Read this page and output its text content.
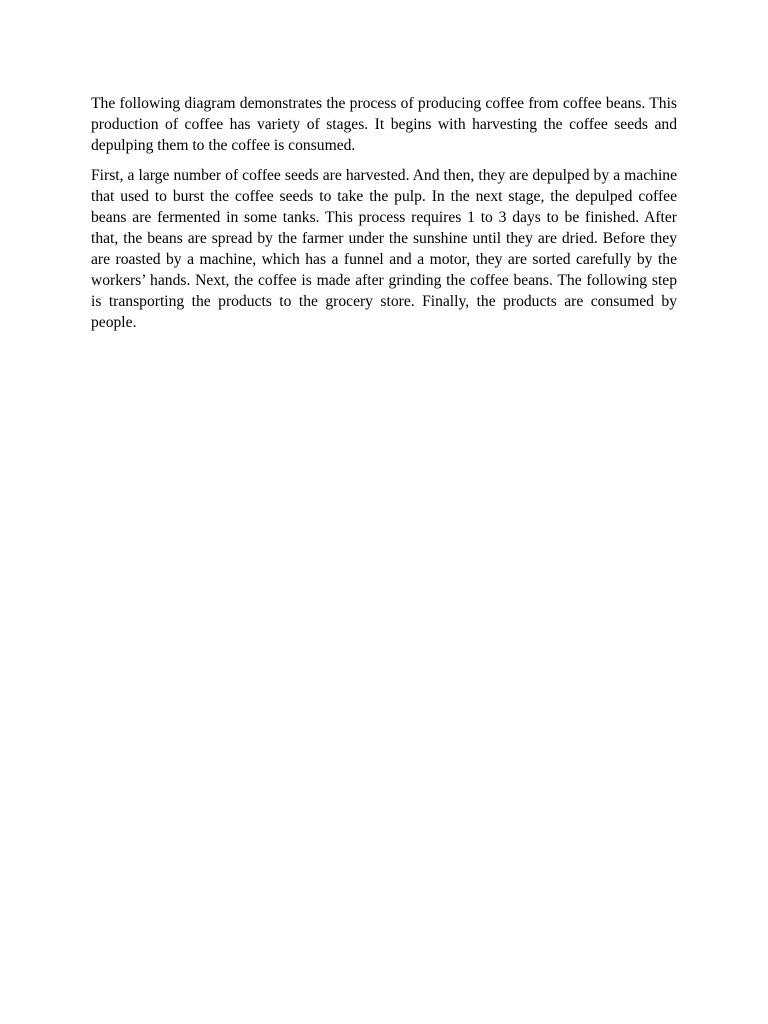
The following diagram demonstrates the process of producing coffee from coffee beans. This production of coffee has variety of stages. It begins with harvesting the coffee seeds and depulping them to the coffee is consumed.

First, a large number of coffee seeds are harvested. And then, they are depulped by a machine that used to burst the coffee seeds to take the pulp. In the next stage, the depulped coffee beans are fermented in some tanks. This process requires 1 to 3 days to be finished. After that, the beans are spread by the farmer under the sunshine until they are dried. Before they are roasted by a machine, which has a funnel and a motor, they are sorted carefully by the workers’ hands. Next, the coffee is made after grinding the coffee beans. The following step is transporting the products to the grocery store. Finally, the products are consumed by people.
